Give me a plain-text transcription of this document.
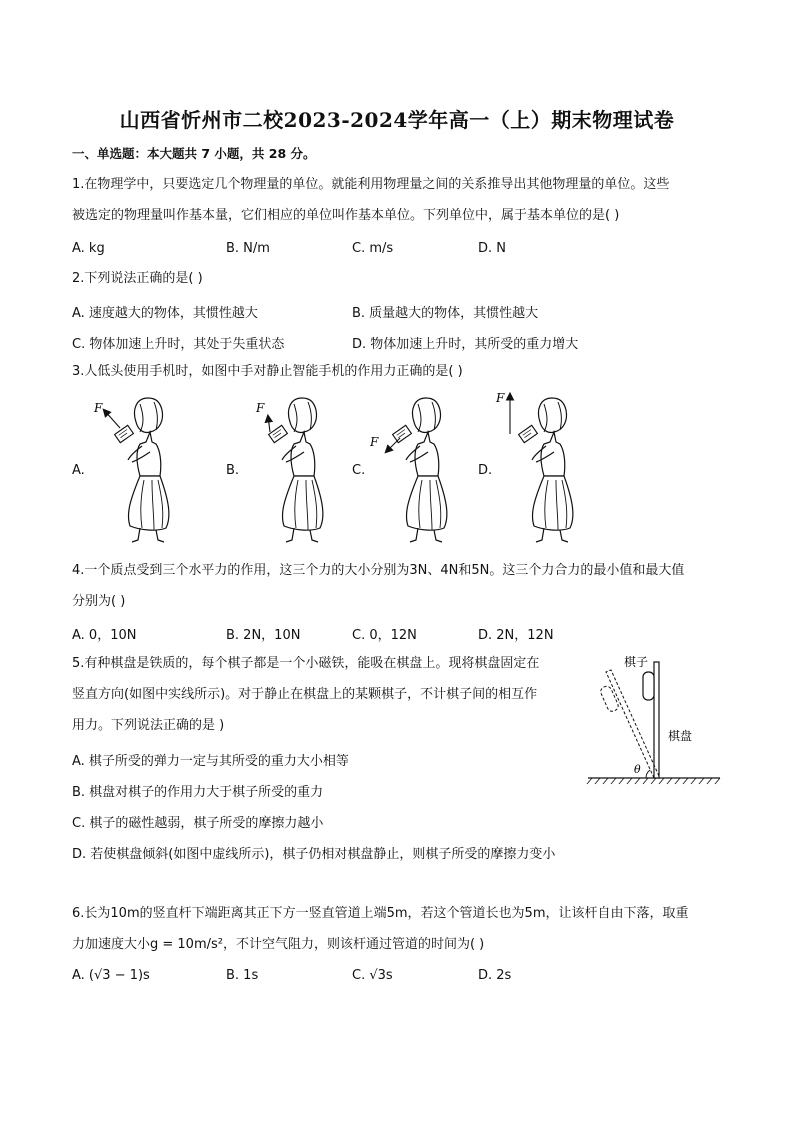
山西省忻州市二校2023-2024学年高一（上）期末物理试卷
一、单选题：本大题共 7 小题，共 28 分。
1.在物理学中，只要选定几个物理量的单位。就能利用物理量之间的关系推导出其他物理量的单位。这些
被选定的物理量叫作基本量，它们相应的单位叫作基本单位。下列单位中，属于基本单位的是( )
A. kg	B. N/m	C. m/s	D. N
2.下列说法正确的是( )
A. 速度越大的物体，其惯性越大	B. 质量越大的物体，其惯性越大
C. 物体加速上升时，其处于失重状态	D. 物体加速上升时，其所受的重力增大
3.人低头使用手机时，如图中手对静止智能手机的作用力正确的是( )
A.	B.	C.	D.
F	F
F
F
4.一个质点受到三个水平力的作用，这三个力的大小分别为3N、4N和5N。这三个力合力的最小值和最大值
分别为( )
A. 0，10N	B. 2N，10N	C. 0，12N	D. 2N，12N
5.有种棋盘是铁质的，每个棋子都是一个小磁铁，能吸在棋盘上。现将棋盘固定在
竖直方向(如图中实线所示)。对于静止在棋盘上的某颗棋子，不计棋子间的相互作
用力。下列说法正确的是 )
A. 棋子所受的弹力一定与其所受的重力大小相等
B. 棋盘对棋子的作用力大于棋子所受的重力
C. 棋子的磁性越弱，棋子所受的摩擦力越小
D. 若使棋盘倾斜(如图中虚线所示)，棋子仍相对棋盘静止，则棋子所受的摩擦力变小
θ
棋子
棋盘
6.长为10m的竖直杆下端距离其正下方一竖直管道上端5m，若这个管道长也为5m，让该杆自由下落，取重
力加速度大小g = 10m/s²，不计空气阻力，则该杆通过管道的时间为( )
A. (√3 − 1)s	B. 1s	C. √3s	D. 2s
